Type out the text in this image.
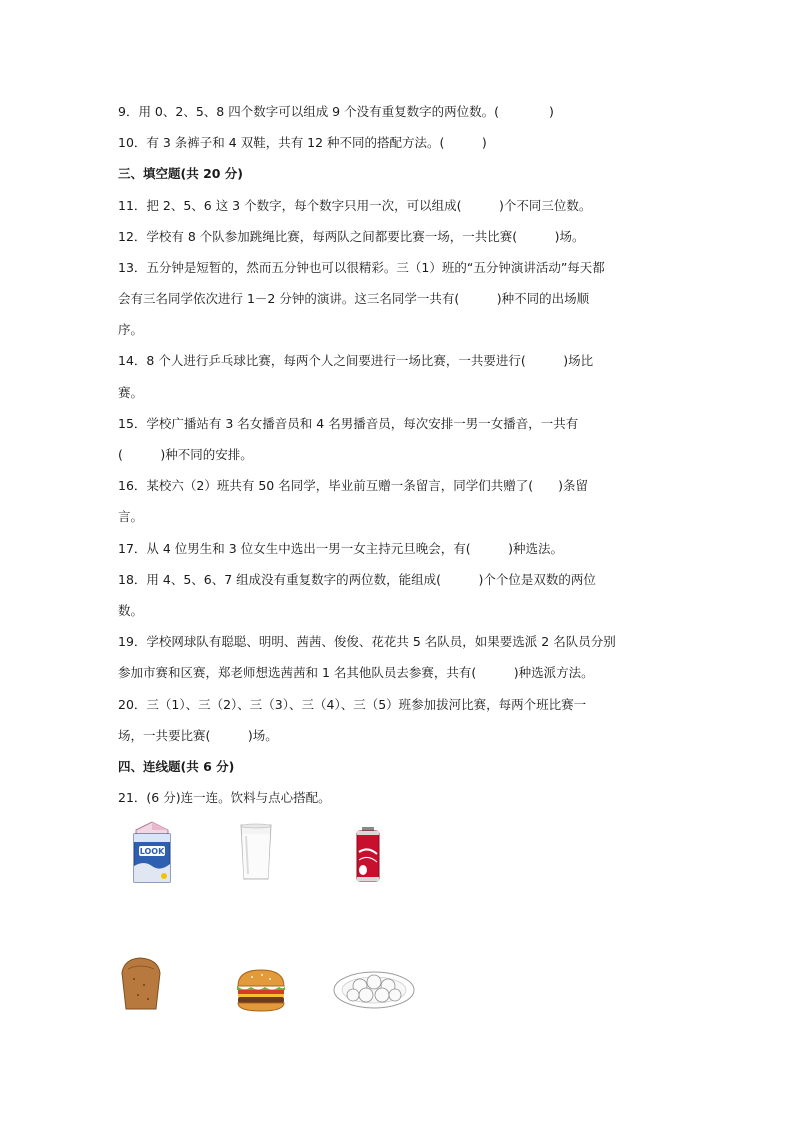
9．用 0、2、5、8 四个数字可以组成 9 个没有重复数字的两位数。(　　　　)
10．有 3 条裤子和 4 双鞋，共有 12 种不同的搭配方法。(　　　)
三、填空题(共 20 分)
11．把 2、5、6 这 3 个数字，每个数字只用一次，可以组成(　　　)个不同三位数。
12．学校有 8 个队参加跳绳比赛，每两队之间都要比赛一场，一共比赛(　　　)场。
13．五分钟是短暂的，然而五分钟也可以很精彩。三（1）班的“五分钟演讲活动”每天都
会有三名同学依次进行 1－2 分钟的演讲。这三名同学一共有(　　　)种不同的出场顺
序。
14．8 个人进行乒乓球比赛，每两个人之间要进行一场比赛，一共要进行(　　　)场比
赛。
15．学校广播站有 3 名女播音员和 4 名男播音员，每次安排一男一女播音，一共有
(　　　)种不同的安排。
16．某校六（2）班共有 50 名同学，毕业前互赠一条留言，同学们共赠了(　　)条留
言。
17．从 4 位男生和 3 位女生中选出一男一女主持元旦晚会，有(　　　)种选法。
18．用 4、5、6、7 组成没有重复数字的两位数，能组成(　　　)个个位是双数的两位
数。
19．学校网球队有聪聪、明明、茜茜、俊俊、花花共 5 名队员，如果要选派 2 名队员分别
参加市赛和区赛，郑老师想选茜茜和 1 名其他队员去参赛，共有(　　　)种选派方法。
20．三（1）、三（2）、三（3）、三（4）、三（5）班参加拔河比赛，每两个班比赛一
场，一共要比赛(　　　)场。
四、连线题(共 6 分)
21．(6 分)连一连。饮料与点心搭配。
LOOK
